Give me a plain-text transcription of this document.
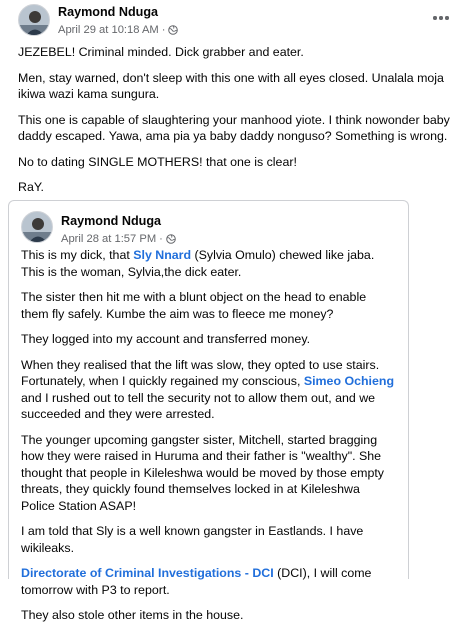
Raymond Nduga
April 29 at 10:18 AM ·

JEZEBEL! Criminal minded. Dick grabber and eater.

Men, stay warned, don't sleep with this one with all eyes closed. Unalala moja ikiwa wazi kama sungura.

This one is capable of slaughtering your manhood yiote. I think nowonder baby daddy escaped. Yawa, ama pia ya baby daddy nonguso? Something is wrong.

No to dating SINGLE MOTHERS! that one is clear!

RaY.

Raymond Nduga
April 28 at 1:57 PM ·

This is my dick, that Sly Nnard (Sylvia Omulo) chewed like jaba. This is the woman, Sylvia,the dick eater.

The sister then hit me with a blunt object on the head to enable them fly safely. Kumbe the aim was to fleece me money?

They logged into my account and transferred money.

When they realised that the lift was slow, they opted to use stairs. Fortunately, when I quickly regained my conscious, Simeo Ochieng and I rushed out to tell the security not to allow them out, and we succeeded and they were arrested.

The younger upcoming gangster sister, Mitchell, started bragging how they were raised in Huruma and their father is "wealthy". She thought that people in Kileleshwa would be moved by those empty threats, they quickly found themselves locked in at Kileleshwa Police Station ASAP!

I am told that Sly is a well known gangster in Eastlands. I have wikileaks.

Directorate of Criminal Investigations - DCI (DCI), I will come tomorrow with P3 to report.

They also stole other items in the house.
